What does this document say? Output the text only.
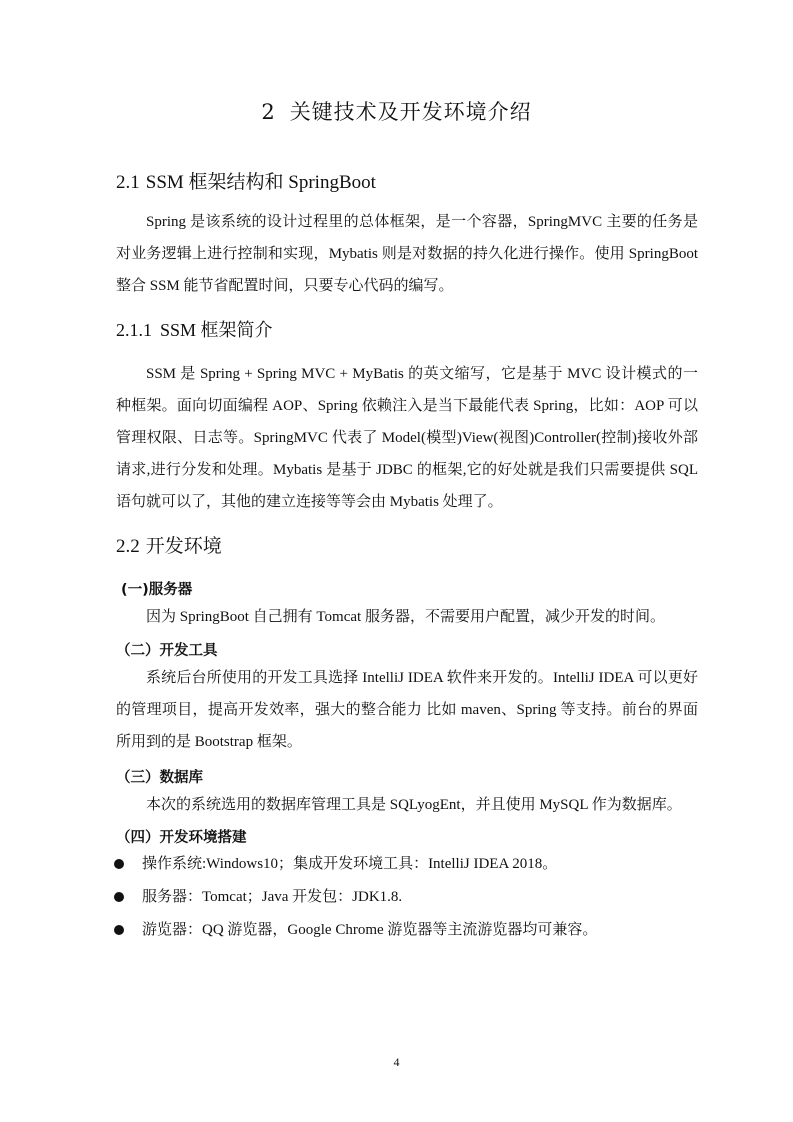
2 关键技术及开发环境介绍
2.1 SSM 框架结构和 SpringBoot

Spring 是该系统的设计过程里的总体框架，是一个容器，SpringMVC 主要的任务是对业务逻辑上进行控制和实现，Mybatis 则是对数据的持久化进行操作。使用 SpringBoot 整合 SSM 能节省配置时间，只要专心代码的编写。

2.1.1 SSM 框架简介

SSM 是 Spring + Spring MVC + MyBatis 的英文缩写，它是基于 MVC 设计模式的一种框架。面向切面编程 AOP、Spring 依赖注入是当下最能代表 Spring，比如：AOP 可以管理权限、日志等。SpringMVC 代表了 Model(模型)View(视图)Controller(控制)接收外部请求,进行分发和处理。Mybatis 是基于 JDBC 的框架,它的好处就是我们只需要提供 SQL 语句就可以了，其他的建立连接等等会由 Mybatis 处理了。

2.2 开发环境
(一)服务器

因为 SpringBoot 自己拥有 Tomcat 服务器，不需要用户配置，减少开发的时间。

（二）开发工具

系统后台所使用的开发工具选择 IntelliJ IDEA 软件来开发的。IntelliJ IDEA 可以更好的管理项目，提高开发效率，强大的整合能力 比如 maven、Spring 等支持。前台的界面所用到的是 Bootstrap 框架。

（三）数据库

本次的系统选用的数据库管理工具是 SQLyogEnt，并且使用 MySQL 作为数据库。

（四）开发环境搭建
操作系统:Windows10；集成开发环境工具：IntelliJ IDEA 2018。
服务器：Tomcat；Java 开发包：JDK1.8.
游览器：QQ 游览器，Google Chrome 游览器等主流游览器均可兼容。
4
